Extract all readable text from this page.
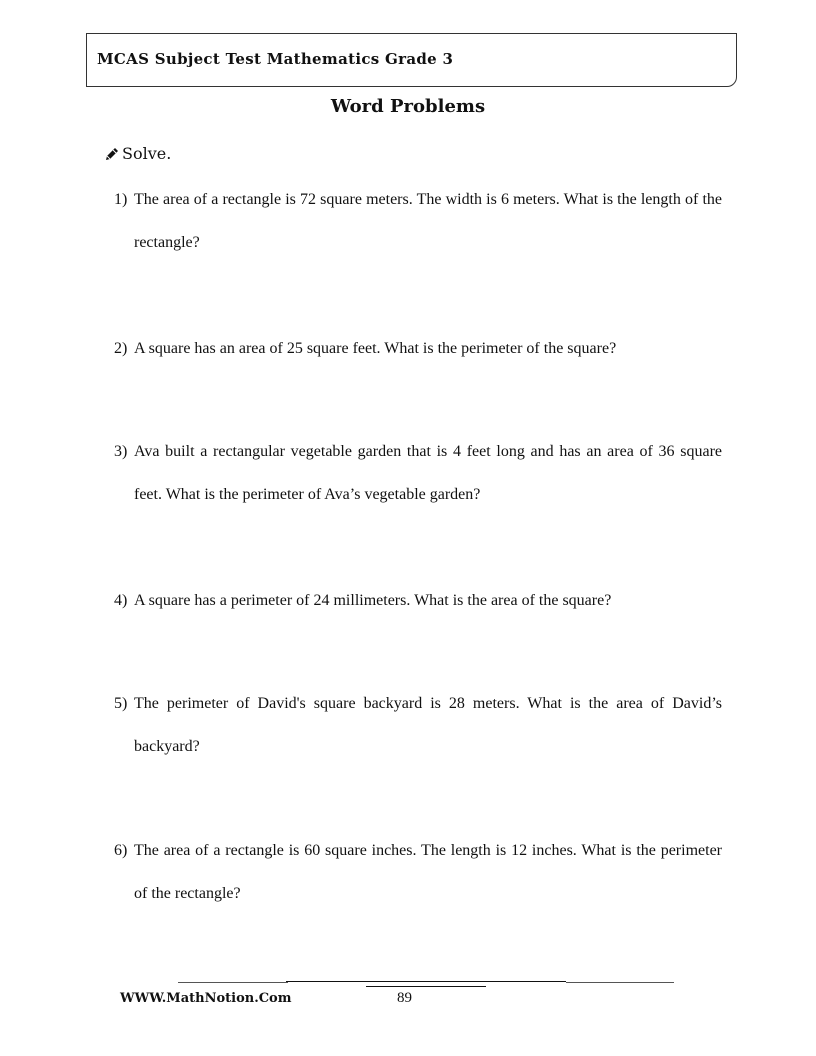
MCAS Subject Test Mathematics Grade 3
Word Problems
Solve.
1) The area of a rectangle is 72 square meters. The width is 6 meters. What is the length of the rectangle?
2) A square has an area of 25 square feet. What is the perimeter of the square?
3) Ava built a rectangular vegetable garden that is 4 feet long and has an area of 36 square feet. What is the perimeter of Ava’s vegetable garden?
4) A square has a perimeter of 24 millimeters. What is the area of the square?
5) The perimeter of David's square backyard is 28 meters. What is the area of David’s backyard?
6) The area of a rectangle is 60 square inches. The length is 12 inches. What is the perimeter of the rectangle?
WWW.MathNotion.Com	89
